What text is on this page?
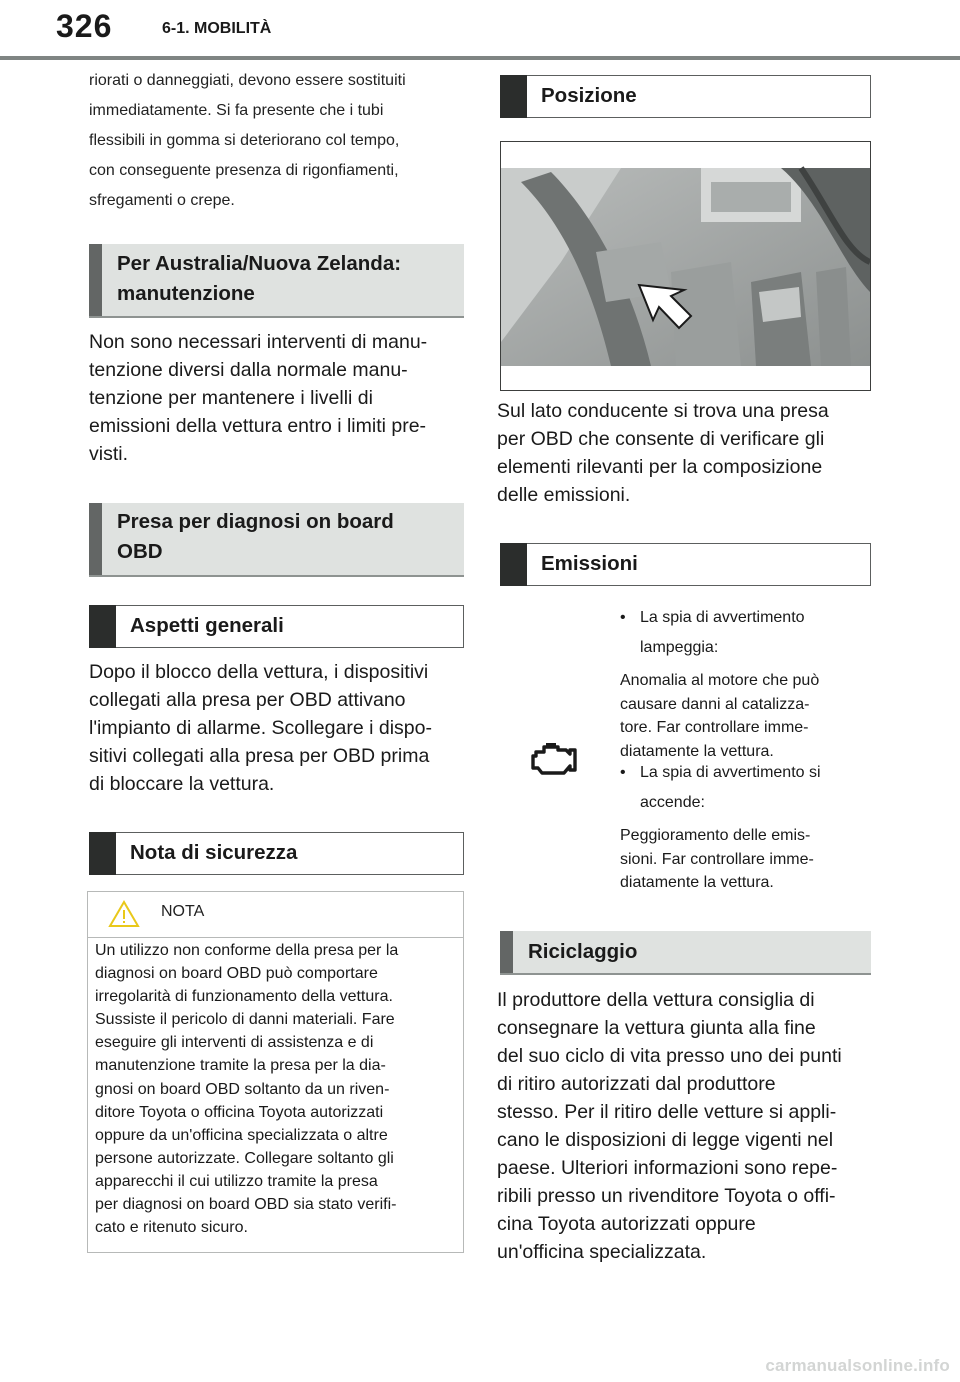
326	6-1. MOBILITÀ
riorati o danneggiati, devono essere sostituiti
immediatamente. Si fa presente che i tubi
flessibili in gomma si deteriorano col tempo,
con conseguente presenza di rigonfiamenti,
sfregamenti o crepe.
Per Australia/Nuova Zelanda:
manutenzione
Non sono necessari interventi di manu-
tenzione diversi dalla normale manu-
tenzione per mantenere i livelli di
emissioni della vettura entro i limiti pre-
visti.
Presa per diagnosi on board
OBD
Aspetti generali
Dopo il blocco della vettura, i dispositivi
collegati alla presa per OBD attivano
l'impianto di allarme. Scollegare i dispo-
sitivi collegati alla presa per OBD prima
di bloccare la vettura.
Nota di sicurezza
NOTA
Un utilizzo non conforme della presa per la
diagnosi on board OBD può comportare
irregolarità di funzionamento della vettura.
Sussiste il pericolo di danni materiali. Fare
eseguire gli interventi di assistenza e di
manutenzione tramite la presa per la dia-
gnosi on board OBD soltanto da un riven-
ditore Toyota o officina Toyota autorizzati
oppure da un'officina specializzata o altre
persone autorizzate. Collegare soltanto gli
apparecchi il cui utilizzo tramite la presa
per diagnosi on board OBD sia stato verifi-
cato e ritenuto sicuro.
Posizione
Sul lato conducente si trova una presa
per OBD che consente di verificare gli
elementi rilevanti per la composizione
delle emissioni.
Emissioni
• La spia di avvertimento
lampeggia:
Anomalia al motore che può
causare danni al catalizza-
tore. Far controllare imme-
diatamente la vettura.
• La spia di avvertimento si
accende:
Peggioramento delle emis-
sioni. Far controllare imme-
diatamente la vettura.
Riciclaggio
Il produttore della vettura consiglia di
consegnare la vettura giunta alla fine
del suo ciclo di vita presso uno dei punti
di ritiro autorizzati dal produttore
stesso. Per il ritiro delle vetture si appli-
cano le disposizioni di legge vigenti nel
paese. Ulteriori informazioni sono repe-
ribili presso un rivenditore Toyota o offi-
cina Toyota autorizzati oppure
un'officina specializzata.
carmanualsonline.info
